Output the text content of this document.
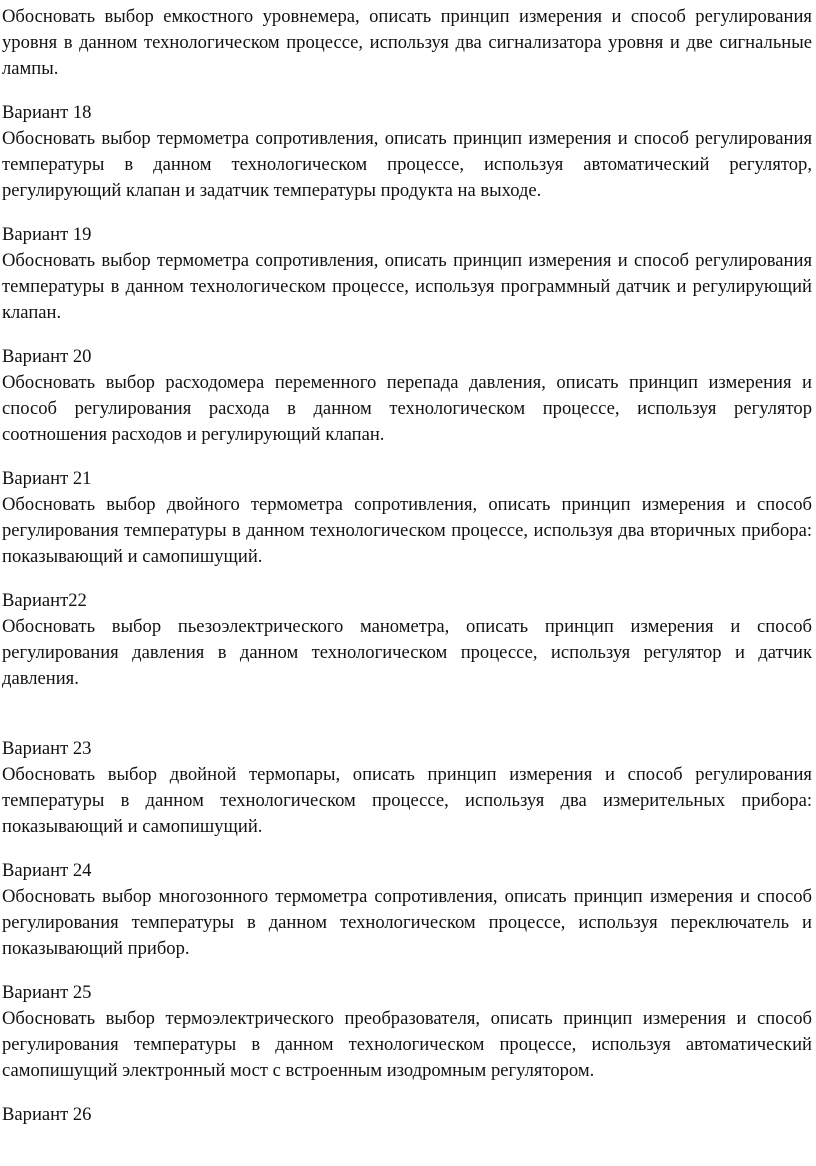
Обосновать выбор емкостного уровнемера, описать принцип измерения и способ регулирования уровня в данном технологическом процессе, используя два сигнализатора уровня и две сигнальные лампы.

Вариант 18

Обосновать выбор термометра сопротивления, описать принцип измерения и способ регулирования температуры в данном технологическом процессе, используя автоматический регулятор, регулирующий клапан и задатчик температуры продукта на выходе.

Вариант 19

Обосновать выбор термометра сопротивления, описать принцип измерения и способ регулирования температуры в данном технологическом процессе, используя программный датчик и регулирующий клапан.

Вариант 20

Обосновать выбор расходомера переменного перепада давления, описать принцип измерения и способ регулирования расхода в данном технологическом процессе, используя регулятор соотношения расходов и регулирующий клапан.

Вариант 21

Обосновать выбор двойного термометра сопротивления, описать принцип измерения и способ регулирования температуры в данном технологическом процессе, используя два вторичных прибора: показывающий и самопишущий.

Вариант22

Обосновать выбор пьезоэлектрического манометра, описать принцип измерения и способ регулирования давления в данном технологическом процессе, используя регулятор и датчик давления.

Вариант 23

Обосновать выбор двойной термопары, описать принцип измерения и способ регулирования температуры в данном технологическом процессе, используя два измерительных прибора: показывающий и самопишущий.

Вариант 24

Обосновать выбор многозонного термометра сопротивления, описать принцип измерения и способ регулирования температуры в данном технологическом процессе, используя переключатель и показывающий прибор.

Вариант 25

Обосновать выбор термоэлектрического преобразователя, описать принцип измерения и способ регулирования температуры в данном технологическом процессе, используя автоматический самопишущий электронный мост с встроенным изодромным регулятором.

Вариант 26
